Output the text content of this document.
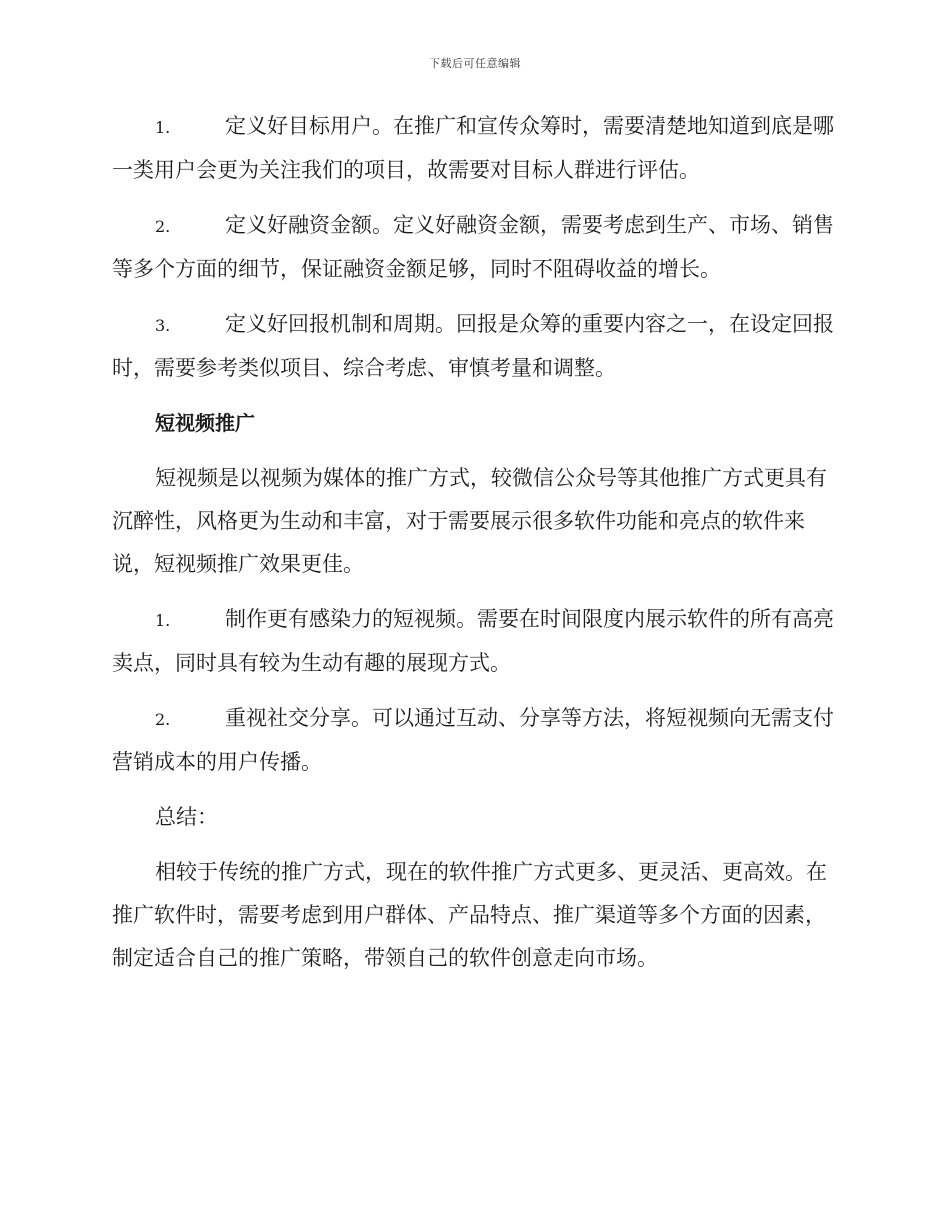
下载后可任意编辑

1.	定义好目标用户。在推广和宣传众筹时，需要清楚地知道到底是哪一类用户会更为关注我们的项目，故需要对目标人群进行评估。

2.	定义好融资金额。定义好融资金额，需要考虑到生产、市场、销售等多个方面的细节，保证融资金额足够，同时不阻碍收益的增长。

3.	定义好回报机制和周期。回报是众筹的重要内容之一，在设定回报时，需要参考类似项目、综合考虑、审慎考量和调整。

短视频推广

短视频是以视频为媒体的推广方式，较微信公众号等其他推广方式更具有沉醉性，风格更为生动和丰富，对于需要展示很多软件功能和亮点的软件来说，短视频推广效果更佳。

1.	制作更有感染力的短视频。需要在时间限度内展示软件的所有高亮卖点，同时具有较为生动有趣的展现方式。

2.	重视社交分享。可以通过互动、分享等方法，将短视频向无需支付营销成本的用户传播。

总结：

相较于传统的推广方式，现在的软件推广方式更多、更灵活、更高效。在推广软件时，需要考虑到用户群体、产品特点、推广渠道等多个方面的因素，制定适合自己的推广策略，带领自己的软件创意走向市场。
